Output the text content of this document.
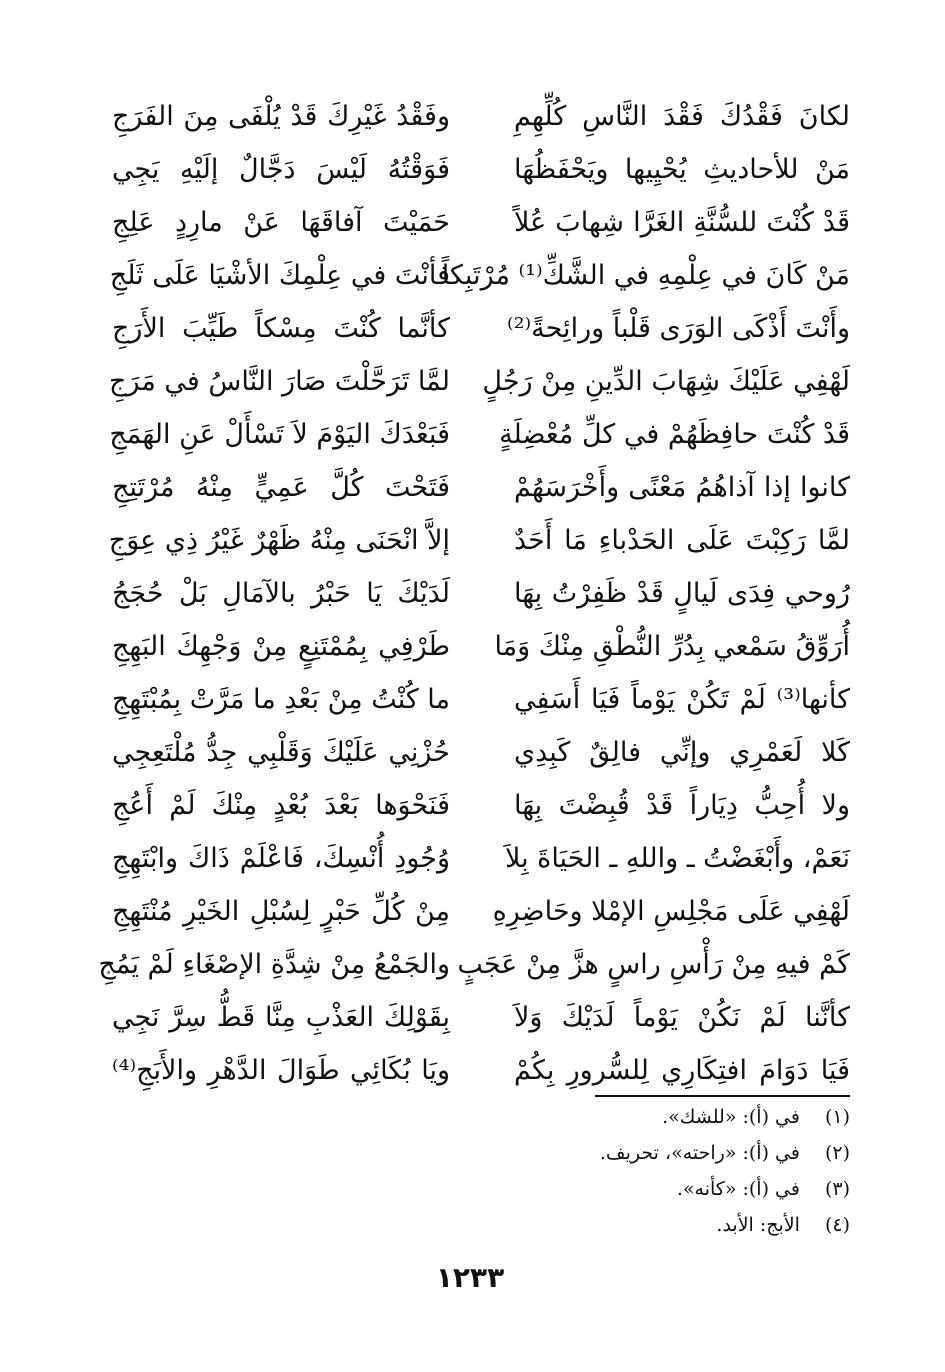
لكانَ فَقْدُكَ فَقْدَ النَّاسِ كُلِّهِمِ
وفَقْدُ غَيْرِكَ قَدْ يُلْفَى مِنَ الفَرَجِ
مَنْ للأحاديثِ يُحْيِيها ويَحْفَظُهَا
فَوَقْتُهُ لَيْسَ دَجَّالٌ إلَيْهِ يَجِي
قَدْ كُنْتَ للسُّنَّةِ الغَرَّا شِهابَ عُلاً
حَمَيْتَ آفاقَهَا عَنْ مارِدٍ عَلِجِ
مَنْ كَانَ في عِلْمِهِ في الشَّكِّ⁽¹⁾ مُرْتَبِكاً
فأنْتَ في عِلْمِكَ الأشْيَا عَلَى ثَلَجِ
وأَنْتَ أَذْكَى الوَرَى قَلْباً ورائِحةً⁽²⁾
كأنَّما كُنْتَ مِسْكاً طَيِّبَ الأَرَجِ
لَهْفِي عَلَيْكَ شِهَابَ الدِّينِ مِنْ رَجُلٍ
لمَّا تَرَحَّلْتَ صَارَ النَّاسُ في مَرَجِ
قَدْ كُنْتَ حافِظَهُمْ في كلِّ مُعْضِلَةٍ
فَبَعْدَكَ اليَوْمَ لاَ تَسْأَلْ عَنِ الهَمَجِ
كانوا إذا آذاهُمُ مَعْنًى وأَخْرَسَهُمْ
فَتَحْتَ كُلَّ عَمِيٍّ مِنْهُ مُرْتَتِجِ
لمَّا رَكِبْتَ عَلَى الحَدْباءِ مَا أَحَدٌ
إلاَّ انْحَنَى مِنْهُ ظَهْرٌ غَيْرُ ذِي عِوَجِ
رُوحي فِدَى لَيالٍ قَدْ ظَفِرْتُ بِهَا
لَدَيْكَ يَا حَبْرُ بالآمَالِ بَلْ حُجَجُ
أُرَوِّقُ سَمْعي بِدُرِّ النُّطْقِ مِنْكَ وَمَا
طَرْفِي بِمُمْتَنِعٍ مِنْ وَجْهِكَ البَهِجِ
كأنها⁽³⁾ لَمْ تَكُنْ يَوْماً فَيَا أَسَفِي
ما كُنْتُ مِنْ بَعْدِ ما مَرَّتْ بِمُبْتَهِجِ
كَلا لَعَمْرِي وإنِّي فالِقٌ كَبِدِي
حُزْنِي عَلَيْكَ وَقَلْبِي جِدُّ مُلْتَعِجِي
ولا أُحِبُّ دِيَاراً قَدْ قُبِضْتَ بِهَا
فَنَحْوَها بَعْدَ بُعْدٍ مِنْكَ لَمْ أَعُجِ
نَعَمْ، وأَبْغَضْتُ ـ واللهِ ـ الحَيَاةَ بِلاَ
وُجُودِ أُنْسِكَ، فَاعْلَمْ ذَاكَ وابْتَهِجِ
لَهْفِي عَلَى مَجْلِسِ الإمْلا وحَاضِرِهِ
مِنْ كُلِّ حَبْرٍ لِسُبْلِ الخَيْرِ مُنْتَهِجِ
كَمْ فيهِ مِنْ رَأْسِ راسٍ هزَّ مِنْ عَجَبٍ
والجَمْعُ مِنْ شِدَّةِ الإصْغَاءِ لَمْ يَمُجِ
كأنَّنا لَمْ نَكُنْ يَوْماً لَدَيْكَ وَلاَ
بِقَوْلِكَ العَذْبِ مِنَّا قَطُّ سِرَّ نَجِي
فَيَا دَوَامَ افتِكَارِي لِلسُّرورِ بِكُمْ
ويَا بُكَائِي طَوَالَ الدَّهْرِ والأَبَجِ⁽⁴⁾
(١) في (أ): «للشك».
(٢) في (أ): «راحته»، تحريف.
(٣) في (أ): «كأنه».
(٤) الأبج: الأبد.
١٢٣٣
